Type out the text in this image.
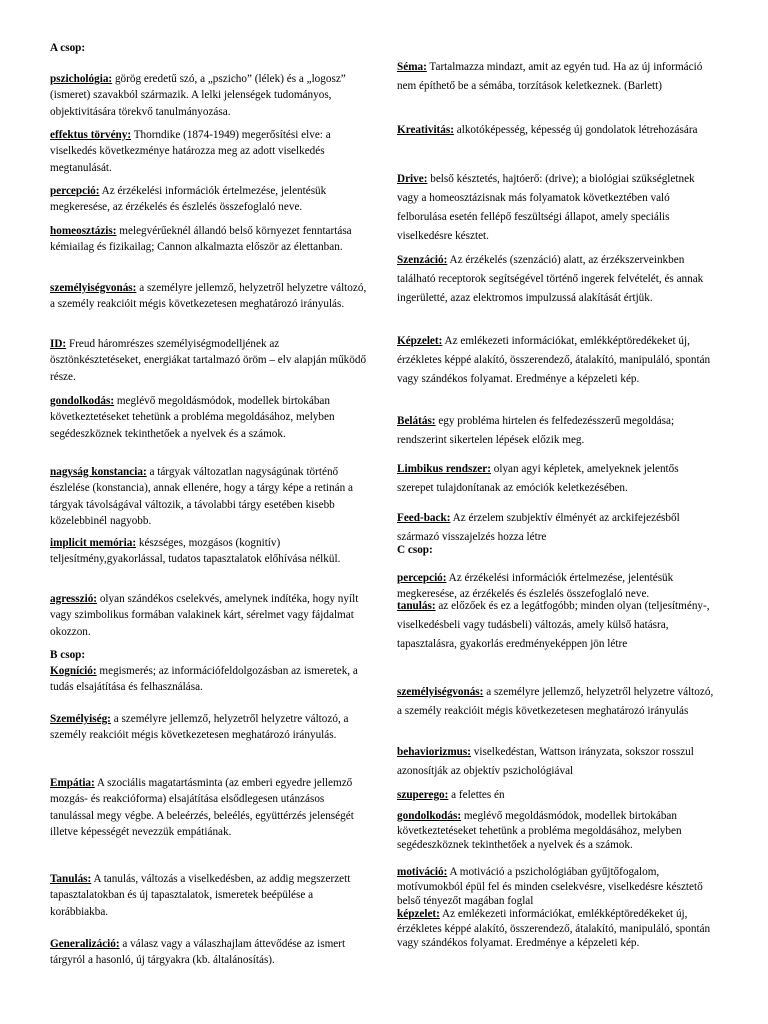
A csop:
pszichológia: görög eredetű szó, a „pszicho” (lélek) és a „logosz” (ismeret) szavakból származik. A lelki jelenségek tudományos, objektivitására törekvő tanulmányozása.
effektus törvény: Thorndike (1874-1949) megerősítési elve: a viselkedés következménye határozza meg az adott viselkedés megtanulását.
percepció: Az érzékelési információk értelmezése, jelentésük megkeresése, az érzékelés és észlelés összefoglaló neve.
homeosztázis: melegvérűeknél állandó belső környezet fenntartása kémiailag és fizikailag; Cannon alkalmazta először az élettanban.
személyiségvonás: a személyre jellemző, helyzetről helyzetre változó, a személy reakcióit mégis következetesen meghatározó irányulás.
ID: Freud háromrészes személyiségmodelljének az ösztönkésztetéseket, energiákat tartalmazó öröm – elv alapján működő része.
gondolkodás: meglévő megoldásmódok, modellek birtokában következtetéseket tehetünk a probléma megoldásához, melyben segédeszköznek tekinthetőek a nyelvek és a számok.
nagyság konstancia: a tárgyak változatlan nagyságúnak történő észlelése (konstancia), annak ellenére, hogy a tárgy képe a retinán a tárgyak távolságával változik, a távolabbi tárgy esetében kisebb közelebbinél nagyobb.
implicit memória: készséges, mozgásos (kognitív) teljesítmény,gyakorlással, tudatos tapasztalatok előhívása nélkül.
agresszió: olyan szándékos cselekvés, amelynek indítéka, hogy nyílt vagy szimbolikus formában valakinek kárt, sérelmet vagy fájdalmat okozzon.
B csop:
Kogníció: megismerés; az információfeldolgozásban az ismeretek, a tudás elsajátítása és felhasználása.
Személyiség: a személyre jellemző, helyzetről helyzetre változó, a személy reakcióit mégis következetesen meghatározó irányulás.
Empátia: A szociális magatartásminta (az emberi egyedre jellemző mozgás- és reakcióforma) elsajátítása elsődlegesen utánzásos tanulással megy végbe. A beleérzés, beleélés, együttérzés jelenségét illetve képességét nevezzük empátiának.
Tanulás: A tanulás, változás a viselkedésben, az addig megszerzett tapasztalatokban és új tapasztalatok, ismeretek beépülése a korábbiakba.
Generalizáció: a válasz vagy a válaszhajlam áttevődése az ismert tárgyról a hasonló, új tárgyakra (kb. általánosítás).
Séma: Tartalmazza mindazt, amit az egyén tud. Ha az új információ nem építhető be a sémába, torzítások keletkeznek. (Barlett)
Kreativitás: alkotóképesség, képesség új gondolatok létrehozására
Drive: belső késztetés, hajtóerő: (drive); a biológiai szükségletnek vagy a homeosztázisnak más folyamatok következtében való felborulása esetén fellépő feszültségi állapot, amely speciális viselkedésre késztet.
Szenzáció: Az érzékelés (szenzáció) alatt, az érzékszerveinkben található receptorok segítségével történő ingerek felvételét, és annak ingerületté, azaz elektromos impulzussá alakítását értjük.
Képzelet: Az emlékezeti információkat, emlékképtöredékeket új, érzékletes képpé alakító, összerendező, átalakító, manipuláló, spontán vagy szándékos folyamat. Eredménye a képzeleti kép.
Belátás: egy probléma hirtelen és felfedezésszerű megoldása; rendszerint sikertelen lépések előzik meg.
Limbikus rendszer: olyan agyi képletek, amelyeknek jelentős szerepet tulajdonítanak az emóciók keletkezésében.
Feed-back: Az érzelem szubjektív élményét az arckifejezésből származó visszajelzés hozza létre
C csop:
percepció: Az érzékelési információk értelmezése, jelentésük megkeresése, az érzékelés és észlelés összefoglaló neve.
tanulás: az előzőek és ez a legátfogóbb; minden olyan (teljesítmény-, viselkedésbeli vagy tudásbeli) változás, amely külső hatásra, tapasztalásra, gyakorlás eredményeképpen jön létre
személyiségvonás: a személyre jellemző, helyzetről helyzetre változó, a személy reakcióit mégis következetesen meghatározó irányulás
behaviorizmus: viselkedéstan, Wattson irányzata, sokszor rosszul azonosítják az objektív pszichológiával
szuperego: a felettes én
gondolkodás: meglévő megoldásmódok, modellek birtokában következtetéseket tehetünk a probléma megoldásához, melyben segédeszköznek tekinthetőek a nyelvek és a számok.
motiváció: A motiváció a pszichológiában gyűjtőfogalom, motívumokból épül fel és minden cselekvésre, viselkedésre késztető belső tényezőt magában foglal
képzelet: Az emlékezeti információkat, emlékképtöredékeket új, érzékletes képpé alakító, összerendező, átalakító, manipuláló, spontán vagy szándékos folyamat. Eredménye a képzeleti kép.
